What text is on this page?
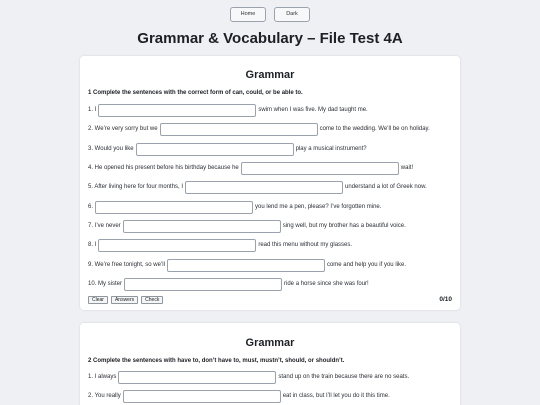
Home	Dark
Grammar & Vocabulary – File Test 4A
Grammar
1 Complete the sentences with the correct form of can, could, or be able to.
1. I	swim when I was five. My dad taught me.
2. We’re very sorry but we	come to the wedding. We’ll be on holiday.
3. Would you like	play a musical instrument?
4. He opened his present before his birthday because he	wait!
5. After living here for four months, I	understand a lot of Greek now.
6.	you lend me a pen, please? I’ve forgotten mine.
7. I’ve never	sing well, but my brother has a beautiful voice.
8. I	read this menu without my glasses.
9. We’re free tonight, so we’ll	come and help you if you like.
10. My sister	ride a horse since she was four!
Clear	Answers	Check	0/10
Grammar
2 Complete the sentences with have to, don’t have to, must, mustn’t, should, or shouldn’t.
1. I always	stand up on the train because there are no seats.
2. You really	eat in class, but I’ll let you do it this time.
